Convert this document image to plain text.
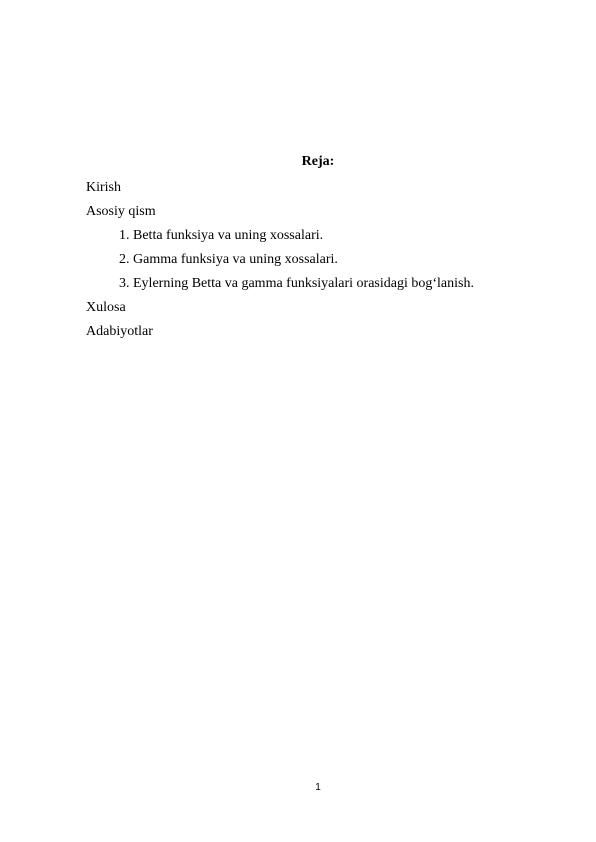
Reja:
Kirish
Asosiy qism
1. Betta funksiya va uning xossalari.
2. Gamma funksiya va uning xossalari.
3. Eylerning Betta va gamma funksiyalari orasidagi bog‘lanish.
Xulosa
Adabiyotlar
1
